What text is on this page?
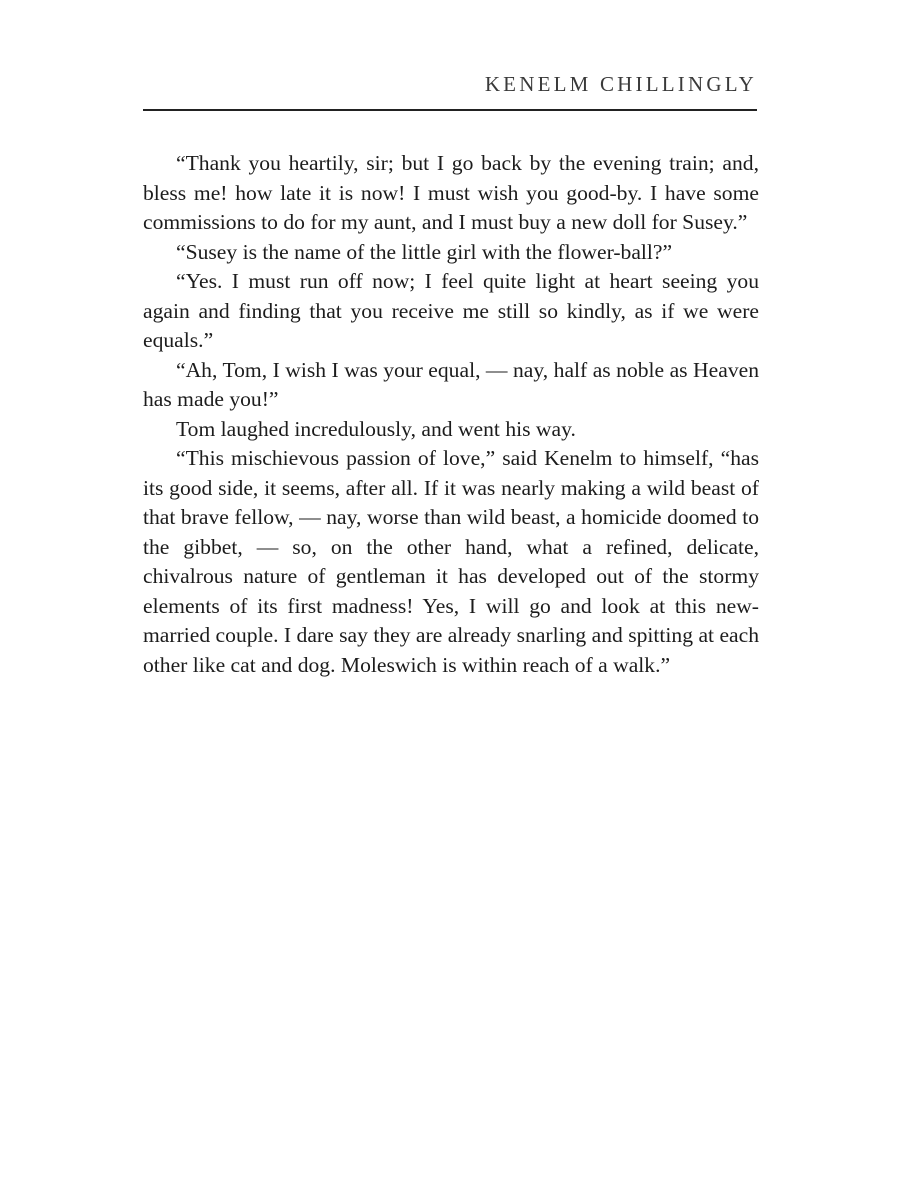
KENELM CHILLINGLY

“Thank you heartily, sir; but I go back by the evening train; and, bless me! how late it is now! I must wish you good-by. I have some commissions to do for my aunt, and I must buy a new doll for Susey.”

“Susey is the name of the little girl with the flower-ball?”

“Yes. I must run off now; I feel quite light at heart seeing you again and finding that you receive me still so kindly, as if we were equals.”

“Ah, Tom, I wish I was your equal, — nay, half as noble as Heaven has made you!”

Tom laughed incredulously, and went his way.

“This mischievous passion of love,” said Kenelm to himself, “has its good side, it seems, after all. If it was nearly making a wild beast of that brave fellow, — nay, worse than wild beast, a homicide doomed to the gibbet, — so, on the other hand, what a refined, delicate, chivalrous nature of gentleman it has developed out of the stormy elements of its first madness! Yes, I will go and look at this new-married couple. I dare say they are already snarling and spitting at each other like cat and dog. Moleswich is within reach of a walk.”
